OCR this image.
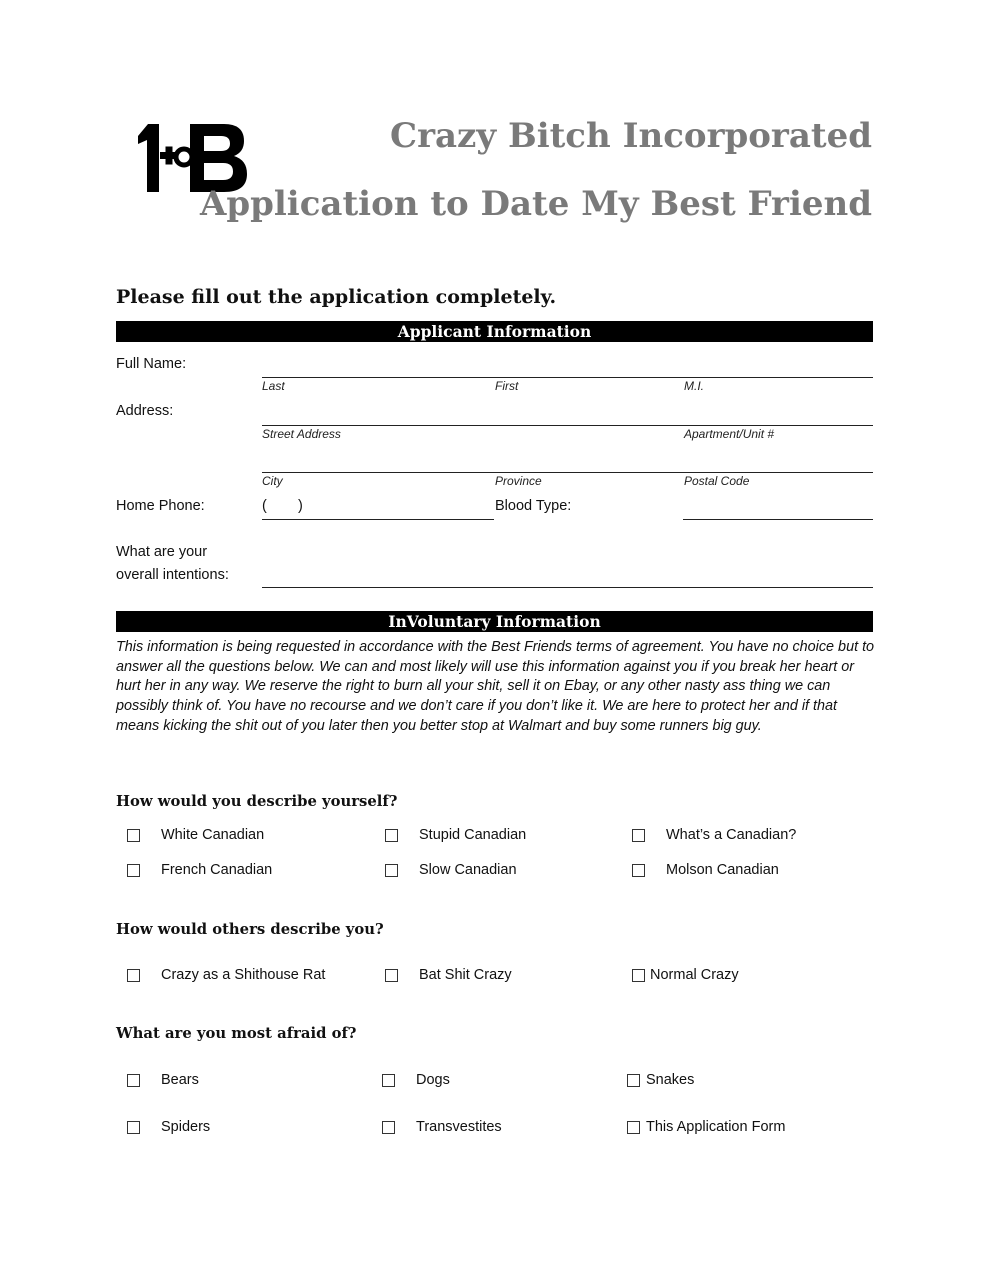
Crazy Bitch Incorporated
Application to Date My Best Friend
Please fill out the application completely.
Applicant Information
Full Name:
Last	First	M.I.
Address:
Street Address	Apartment/Unit #
City	Province	Postal Code
Home Phone:	( )	Blood Type:
What are your
overall intentions:
InVoluntary Information
This information is being requested in accordance with the Best Friends terms of agreement. You have no choice but to answer all the questions below. We can and most likely will use this information against you if you break her heart or hurt her in any way. We reserve the right to burn all your shit, sell it on Ebay, or any other nasty ass thing we can possibly think of. You have no recourse and we don’t care if you don’t like it. We are here to protect her and if that means kicking the shit out of you later then you better stop at Walmart and buy some runners big guy.
How would you describe yourself?
White Canadian	Stupid Canadian	What’s a Canadian?
French Canadian	Slow Canadian	Molson Canadian
How would others describe you?
Crazy as a Shithouse Rat	Bat Shit Crazy	Normal Crazy
What are you most afraid of?
Bears	Dogs	Snakes
Spiders	Transvestites	This Application Form
